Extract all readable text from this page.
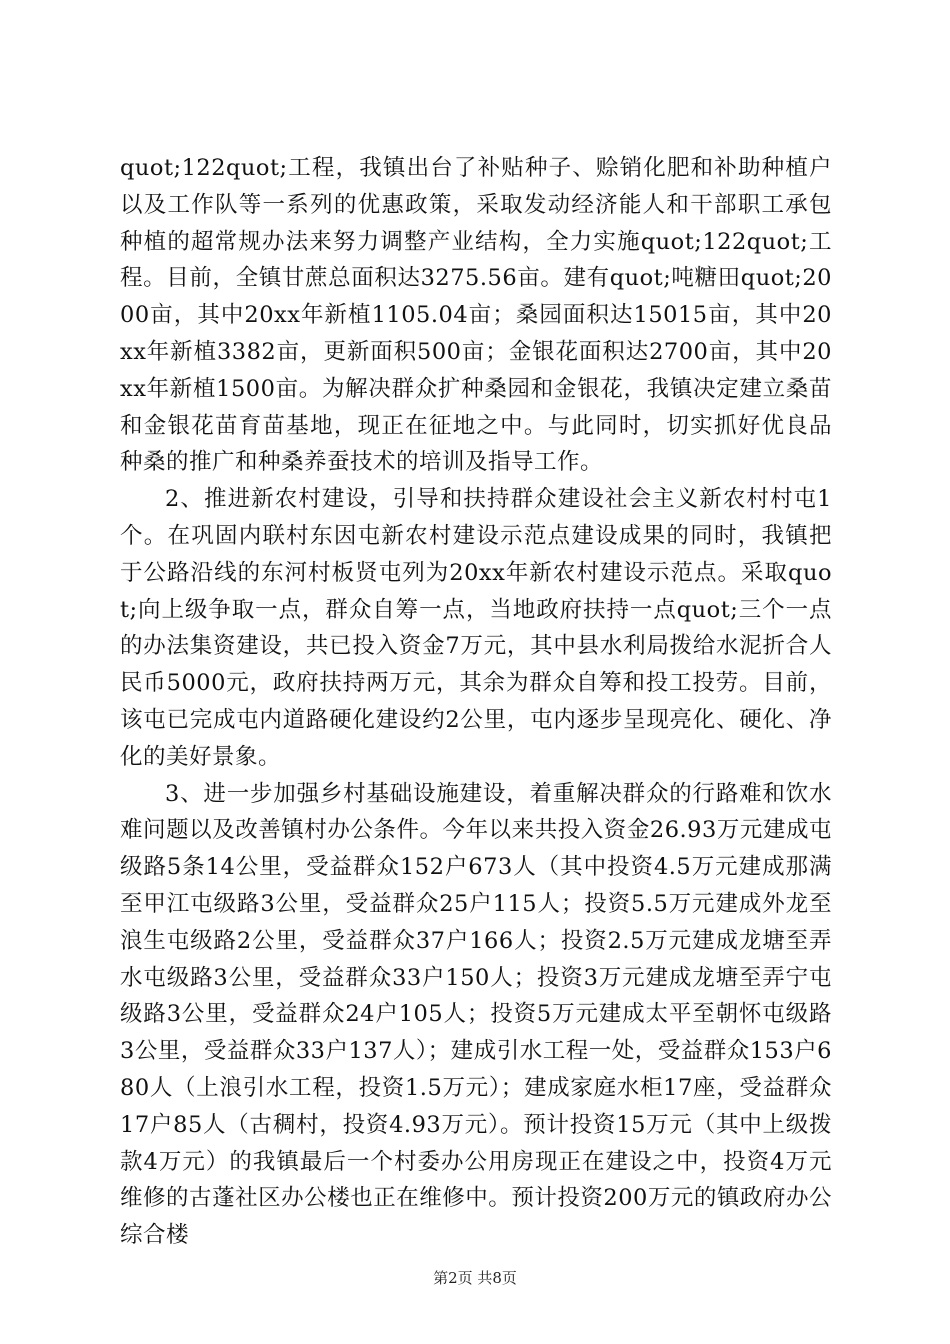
quot;122quot;工程，我镇出台了补贴种子、赊销化肥和补助种植户以及工作队等一系列的优惠政策，采取发动经济能人和干部职工承包种植的超常规办法来努力调整产业结构，全力实施quot;122quot;工程。目前，全镇甘蔗总面积达3275.56亩。建有quot;吨糖田quot;2000亩，其中20xx年新植1105.04亩；桑园面积达15015亩，其中20xx年新植3382亩，更新面积500亩；金银花面积达2700亩，其中20xx年新植1500亩。为解决群众扩种桑园和金银花，我镇决定建立桑苗和金银花苗育苗基地，现正在征地之中。与此同时，切实抓好优良品种桑的推广和种桑养蚕技术的培训及指导工作。

2、推进新农村建设，引导和扶持群众建设社会主义新农村村屯1个。在巩固内联村东因屯新农村建设示范点建设成果的同时，我镇把于公路沿线的东河村板贤屯列为20xx年新农村建设示范点。采取quot;向上级争取一点，群众自筹一点，当地政府扶持一点quot;三个一点的办法集资建设，共已投入资金7万元，其中县水利局拨给水泥折合人民币5000元，政府扶持两万元，其余为群众自筹和投工投劳。目前，该屯已完成屯内道路硬化建设约2公里，屯内逐步呈现亮化、硬化、净化的美好景象。

3、进一步加强乡村基础设施建设，着重解决群众的行路难和饮水难问题以及改善镇村办公条件。今年以来共投入资金26.93万元建成屯级路5条14公里，受益群众152户673人（其中投资4.5万元建成那满至甲江屯级路3公里，受益群众25户115人；投资5.5万元建成外龙至浪生屯级路2公里，受益群众37户166人；投资2.5万元建成龙塘至弄水屯级路3公里，受益群众33户150人；投资3万元建成龙塘至弄宁屯级路3公里，受益群众24户105人；投资5万元建成太平至朝怀屯级路3公里，受益群众33户137人）；建成引水工程一处，受益群众153户680人（上浪引水工程，投资1.5万元）；建成家庭水柜17座，受益群众17户85人（古稠村，投资4.93万元）。预计投资15万元（其中上级拨款4万元）的我镇最后一个村委办公用房现正在建设之中，投资4万元维修的古蓬社区办公楼也正在维修中。预计投资200万元的镇政府办公综合楼

第2页 共8页
